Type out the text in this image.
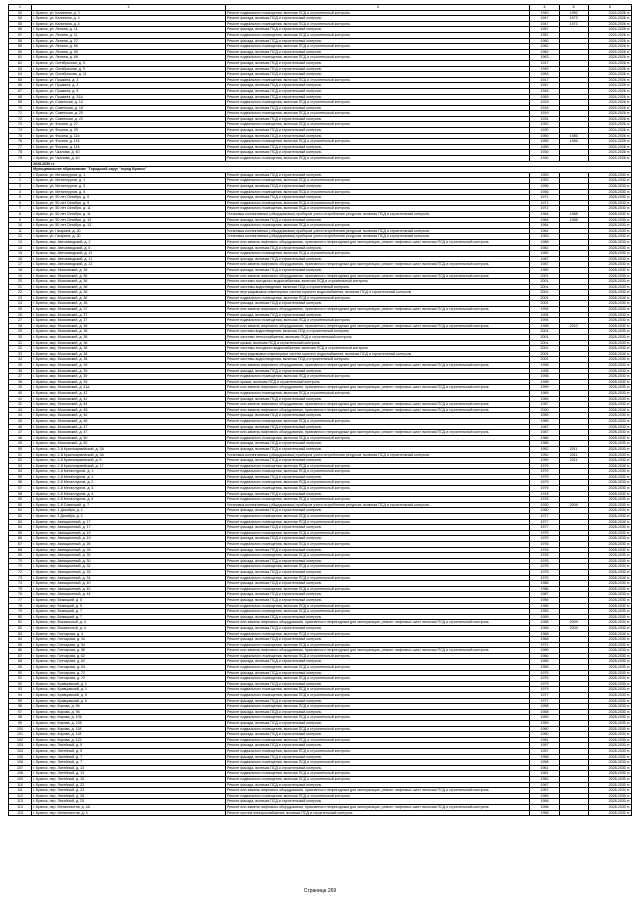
1	2	3	4	5	6
53	г. Брянск, ул. Калинина, д. 3	Ремонт подвального помещения, включая ПСД и строительный контроль	1940	1952	2024-2026 гг.
54	г. Брянск, ул. Калинина, д. 4	Ремонт фасада, включая ПСД и строительный контроль	1947	1973	2024-2026 гг.
55	г. Брянск, ул. Калинина, д. 4	Ремонт подвального помещения, включая ПСД и строительный контроль	1947	1973	2024-2026 гг.
56	г. Брянск, ул. Ленина, д. 11	Ремонт фасада, включая ПСД и строительный контроль	1957		2024-2026 гг.
57	г. Брянск, ул. Ленина, д. 11	Ремонт подвального помещения, включая ПСД и строительный контроль	1957		2024-2026 гг.
58	г. Брянск, ул. Ленина, д. 27	Ремонт фасада, включая ПСД и строительный контроль	1960		2024-2026 гг.
59	г. Брянск, ул. Ленина, д. 60	Ремонт подвального помещения, включая ПСД и строительный контроль	1962		2024-2026 гг.
60	г. Брянск, ул. Ленина, д. 60	Ремонт фасада, включая ПСД и строительный контроль	1962		2024-2026 гг.
61	г. Брянск, ул. Ленина, д. 66	Ремонт подвального помещения, включая ПСД и строительный контроль	1963		2024-2026 гг.
62	г. Брянск, ул. Октябрьская, д. 5	Ремонт фасада, включая ПСД и строительный контроль	1917		2024-2026 гг.
63	г. Брянск, ул. Октябрьская, д. 9	Ремонт фасада, включая ПСД и строительный контроль	1949		2024-2026 гг.
64	г. Брянск, ул. Октябрьская, д. 11	Ремонт фасада, включая ПСД и строительный контроль	1953		2024-2026 гг.
65	г. Брянск, ул. Пушкина, д. 1	Ремонт подвального помещения, включая ПСД и строительный контроль	1917		2024-2026 гг.
66	г. Брянск, ул. Пушкина, д. 3	Ремонт фасада, включая ПСД и строительный контроль	1947		2024-2026 гг.
67	г. Брянск, ул. Пушкина, д. 5	Ремонт фасада, включая ПСД и строительный контроль	1948		2024-2026 гг.
68	г. Брянск, ул. Пушкина, д. 31А	Ремонт фасада, включая ПСД и строительный контроль	1955		2024-2026 гг.
69	г. Брянск, ул. Советская, д. 14	Ремонт подвального помещения, включая ПСД и строительный контроль	1919		2024-2026 гг.
70	г. Брянск, ул. Советская, д. 18	Ремонт фасада, включая ПСД и строительный контроль	1918		2024-2026 гг.
71	г. Брянск, ул. Советская, д. 20	Ремонт подвального помещения, включая ПСД и строительный контроль	1919		2024-2026 гг.
72	г. Брянск, ул. Советская, д. 22	Ремонт фасада, включая ПСД и строительный контроль	1931		2024-2026 гг.
73	г. Брянск, ул. Фокина, д. 27	Ремонт подвального помещения, включая ПСД и строительный контроль	1952		2024-2026 гг.
74	г. Брянск, ул. Фокина, д. 29	Ремонт фасада, включая ПСД и строительный контроль	1930		2024-2026 гг.
75	г. Брянск, ул. Фокина, д. 116	Ремонт фасада, включая ПСД и строительный контроль	1955	1986	2024-2026 гг.
76	г. Брянск, ул. Фокина, д. 118	Ремонт подвального помещения, включая ПСД и строительный контроль	1955	1986	2024-2026 гг.
77	г. Брянск, ул. Фокина, д. 118	Ремонт фасада, включая ПСД и строительный контроль	1955		2024-2026 гг.
78	г. Брянск, ул. Чкалова, д. 40	Ремонт фасада, включая ПСД и строительный контроль	1930		2024-2026 гг.
79	г. Брянск, ул. Чкалова, д. 40	Ремонт подвального помещения, включая ПСД и строительный контроль	1930		2024-2026 гг.
	2028-2030 гг.				
	Муниципальное образование "Городской округ "город Брянск"				
1	г. Брянск, ул. Металлургов, д. 1	Ремонт фасада, включая ПСД и строительный контроль	1953		2028-2030 гг.
2	г. Брянск, ул. Металлургов, д. 1	Ремонт подвального помещения, включая ПСД и строительный контроль	1953		2028-2030 гг.
3	г. Брянск, ул. Металлургов, д. 3	Ремонт фасада, включая ПСД и строительный контроль	1956		2028-2030 гг.
4	г. Брянск, ул. Металлургов, д. 5	Ремонт подвального помещения, включая ПСД и строительный контроль	1956		2028-2030 гг.
5	г. Брянск, ул. 50 лет Октября, д. 5	Ремонт фасада, включая ПСД и строительный контроль	1971		2028-2030 гг.
6	г. Брянск, ул. 50 лет Октября, д. 9	Ремонт подвального помещения, включая ПСД и строительный контроль	1971		2028-2030 гг.
7	г. Брянск, ул. 50 лет Октября, д. 11	Ремонт подвального помещения, включая ПСД и строительный контроль	1972		2028-2030 гг.
8	г. Брянск, ул. 50 лет Октября, д. 11	Установка коллективных (общедомовых) приборов учета потребления ресурсов, включая ПСД и строительный контроль	1964	1988	2028-2030 гг.
9	г. Брянск, ул. 50 лет Октября, д. 13	Ремонт фасада, включая ПСД и строительный контроль	1964	1988	2028-2030 гг.
10	г. Брянск, ул. 50 лет Октября, д. 13	Ремонт подвального помещения, включая ПСД и строительный контроль	1964		2028-2030 гг.
11	г. Брянск, ул. Гагарина, д. 30	Установка коллективных (общедомовых) приборов учета потребления ресурсов, включая ПСД и строительный контроль	1962		2028-2030 гг.
12	г. Брянск, ул. Гагарина, д. 30	Установка коллективных (общедомовых) приборов учета потребления ресурсов, включая ПСД и строительный контроль	1963		2028-2030 гг.
13	г. Брянск, мкр. Автозаводский, д. 1	Ремонт или замена лифтового оборудования, признанного непригодным для эксплуатации, ремонт лифтовых шахт, включая ПСД и строительный контроль	1988		2028-2030 гг.
14	г. Брянск, мкр. Автозаводский, д. 6	Ремонт фасада, включая ПСД и строительный контроль	1982		2028-2030 гг.
15	г. Брянск, мкр. Автозаводский, д. 11	Ремонт подвального помещения, включая ПСД и строительный контроль	1982		2028-2030 гг.
16	г. Брянск, мкр. Автозаводский, д. 11	Ремонт фасада, включая ПСД и строительный контроль	1987		2028-2030 гг.
17	г. Брянск, мкр. Автозаводский, д. 12	Ремонт или замена лифтового оборудования, признанного непригодным для эксплуатации, ремонт лифтовых шахт, включая ПСД и строительный контроль	1987		2028-2030 гг.
18	г. Брянск, мкр. Московский, д. 35	Ремонт фасада, включая ПСД и строительный контроль	1989		2028-2030 гг.
19	г. Брянск, мкр. Московский, д. 36	Ремонт или замена лифтового оборудования, признанного непригодным для эксплуатации, ремонт лифтовых шахт, включая ПСД и строительный контроль	2001		2028-2030 гг.
20	г. Брянск, мкр. Московский, д. 36	Ремонт системы холодного водоснабжения, включая ПСД и строительный контроль	2001		2028-2030 гг.
21	г. Брянск, мкр. Московский, д. 36	Ремонт системы водоотведения, включая ПСД и строительный контроль	2001		2028-2030 гг.
22	г. Брянск, мкр. Московский, д. 36	Ремонт внутридомовых инженерных систем горячего водоснабжения, включая ПСД и строительный контроль	2001		2028-2030 гг.
23	г. Брянск, мкр. Московский, д. 36	Ремонт подвального помещения, включая ПСД и строительный контроль	2001		2028-2030 гг.
24	г. Брянск, мкр. Московский, д. 36	Ремонт фасада, включая ПСД и строительный контроль	2001		2028-2030 гг.
25	г. Брянск, мкр. Московский, д. 37	Ремонт или замена лифтового оборудования, признанного непригодным для эксплуатации, ремонт лифтовых шахт, включая ПСД и строительный контроль	1994		2028-2030 гг.
26	г. Брянск, мкр. Московский, д. 37	Ремонт фасада, включая ПСД и строительный контроль	1994		2028-2030 гг.
27	г. Брянск, мкр. Московский, д. 37	Ремонт подвального помещения, включая ПСД и строительный контроль	1994		2028-2030 гг.
28	г. Брянск, мкр. Московский, д. 38	Ремонт или замена лифтового оборудования, признанного непригодным для эксплуатации, ремонт лифтовых шахт, включая ПСД и строительный контроль	1998	2010	2028-2030 гг.
29	г. Брянск, мкр. Московский, д. 38	Ремонт системы водоотведения, включая ПСД и строительный контроль	2001		2028-2030 гг.
30	г. Брянск, мкр. Московский, д. 38	Ремонт системы теплоснабжения, включая ПСД и строительный контроль	2001		2028-2030 гг.
31	г. Брянск, мкр. Московский, д. 38	Ремонт крыши, включая ПСД и строительный контроль	2001		2028-2030 гг.
32	г. Брянск, мкр. Московский, д. 38	Ремонт системы холодного водоснабжения, включая ПСД и строительный контроль	2001		2028-2030 гг.
33	г. Брянск, мкр. Московский, д. 38	Ремонт внутридомовых инженерных систем горячего водоснабжения, включая ПСД и строительный контроль	2001		2028-2030 гг.
34	г. Брянск, мкр. Московский, д. 38	Ремонт системы водоотведения, включая ПСД и строительный контроль	2001		2028-2030 гг.
35	г. Брянск, мкр. Московский, д. 39	Ремонт или замена лифтового оборудования, признанного непригодным для эксплуатации, ремонт лифтовых шахт, включая ПСД и строительный контроль	1998		2028-2030 гг.
36	г. Брянск, мкр. Московский, д. 39	Ремонт фасада, включая ПСД и строительный контроль	1998		2028-2030 гг.
37	г. Брянск, мкр. Московский, д. 39	Ремонт подвального помещения, включая ПСД и строительный контроль	1998		2028-2030 гг.
38	г. Брянск, мкр. Московский, д. 39	Ремонт крыши, включая ПСД и строительный контроль	1998		2028-2030 гг.
39	г. Брянск, мкр. Московский, д. 41а	Ремонт или замена лифтового оборудования, признанного непригодным для эксплуатации, ремонт лифтовых шахт, включая ПСД и строительный контроль	1999		2028-2030 гг.
40	г. Брянск, мкр. Московский, д. 42	Ремонт подвального помещения, включая ПСД и строительный контроль	1989		2028-2030 гг.
41	г. Брянск, мкр. Московский, д. 42	Ремонт фасада, включая ПСД и строительный контроль	1989		2028-2030 гг.
42	г. Брянск, мкр. Московский, д. 44	Ремонт или замена лифтового оборудования, признанного непригодным для эксплуатации, ремонт лифтовых шахт, включая ПСД и строительный контроль	1987		2028-2030 гг.
43	г. Брянск, мкр. Московский, д. 45	Ремонт или замена лифтового оборудования, признанного непригодным для эксплуатации, ремонт лифтовых шахт, включая ПСД и строительный контроль	2000		2028-2030 гг.
44	г. Брянск, мкр. Московский, д. 46	Ремонт фасада, включая ПСД и строительный контроль	1985		2028-2030 гг.
45	г. Брянск, мкр. Московский, д. 46	Ремонт подвального помещения, включая ПСД и строительный контроль	1985		2028-2030 гг.
46	г. Брянск, мкр. Московский, д. 47	Ремонт фасада, включая ПСД и строительный контроль	1987		2028-2030 гг.
47	г. Брянск, мкр. Московский, д. 47	Ремонт или замена лифтового оборудования, признанного непригодным для эксплуатации, ремонт лифтовых шахт, включая ПСД и строительный контроль	1987		2028-2030 гг.
48	г. Брянск, мкр. Московский, д. 50	Ремонт подвального помещения, включая ПСД и строительный контроль	1986		2028-2030 гг.
49	г. Брянск, мкр. Московский, д. 50	Ремонт фасада, включая ПСД и строительный контроль	1986		2028-2030 гг.
50	г. Брянск, пер. 2-й Красноармейский, д. 3А	Ремонт фасада, включая ПСД и строительный контроль	1952	2011	2028-2030 гг.
51	г. Брянск, пер. 2-й Красноармейский, д. 3А	Установка коллективных (общедомовых) приборов учета потребления ресурсов, включая ПСД и строительный контроль	1952	2011	2028-2030 гг.
52	г. Брянск, пер. 2-й Красноармейский, д. 5	Ремонт фасада, включая ПСД и строительный контроль	1959	2011	2028-2030 гг.
53	г. Брянск, пер. 2-й Красноармейский, д. 17	Ремонт подвального помещения, включая ПСД и строительный контроль	1979		2028-2030 гг.
54	г. Брянск, пер. 2-й Металлургов, д. 1	Ремонт подвального помещения, включая ПСД и строительный контроль	1979		2028-2030 гг.
55	г. Брянск, пер. 2-й Металлургов, д. 1	Ремонт фасада, включая ПСД и строительный контроль	1979		2028-2030 гг.
56	г. Брянск, пер. 2-й Металлургов, д. 2	Ремонт подвального помещения, включая ПСД и строительный контроль	1979		2028-2030 гг.
57	г. Брянск, пер. 2-й Металлургов, д. 3	Ремонт подвального помещения, включая ПСД и строительный контроль	1979		2028-2030 гг.
58	г. Брянск, пер. 2-й Металлургов, д. 4	Ремонт фасада, включая ПСД и строительный контроль	1978		2028-2030 гг.
59	г. Брянск, пер. 2-й Металлургов, д. 4	Ремонт подвального помещения, включая ПСД и строительный контроль	1978		2028-2030 гг.
60	г. Брянск, пер. 2-й Советский, д. 7	Установка коллективных (общедомовых) приборов учета потребления ресурсов, включая ПСД и строительный контроль	1930	2008	2028-2030 гг.
61	г. Брянск, пер. 1 Декабря, д. 2	Ремонт фасада, включая ПСД и строительный контроль	1960		2028-2030 гг.
62	г. Брянск, пер. 1 Декабря, д. 2	Ремонт подвального помещения, включая ПСД и строительный контроль	1977		2028-2030 гг.
63	г. Брянск, пер. Авиационный, д. 17	Ремонт подвального помещения, включая ПСД и строительный контроль	1977		2028-2030 гг.
64	г. Брянск, пер. Авиационный, д. 17	Ремонт фасада, включая ПСД и строительный контроль	1977		2028-2030 гг.
65	г. Брянск, пер. Авиационный, д. 19	Ремонт подвального помещения, включая ПСД и строительный контроль	1975		2028-2030 гг.
66	г. Брянск, пер. Авиационный, д. 19	Ремонт фасада, включая ПСД и строительный контроль	1975		2028-2030 гг.
67	г. Брянск, пер. Авиационный, д. 26	Ремонт подвального помещения, включая ПСД и строительный контроль	1976		2028-2030 гг.
68	г. Брянск, пер. Авиационный, д. 26	Ремонт фасада, включая ПСД и строительный контроль	1976		2028-2030 гг.
69	г. Брянск, пер. Авиационный, д. 30	Ремонт подвального помещения, включая ПСД и строительный контроль	1976		2028-2030 гг.
70	г. Брянск, пер. Авиационный, д. 30	Ремонт фасада, включая ПСД и строительный контроль	1976		2028-2030 гг.
71	г. Брянск, пер. Авиационный, д. 32	Ремонт подвального помещения, включая ПСД и строительный контроль	1975		2028-2030 гг.
72	г. Брянск, пер. Авиационный, д. 33	Ремонт фасада, включая ПСД и строительный контроль	1975		2028-2030 гг.
73	г. Брянск, пер. Авиационный, д. 34	Ремонт подвального помещения, включая ПСД и строительный контроль	1975		2028-2030 гг.
74	г. Брянск, пер. Авиационный, д. 40	Ремонт фасада, включая ПСД и строительный контроль	1986		2028-2030 гг.
75	г. Брянск, пер. Авиационный, д. 40	Ремонт подвального помещения, включая ПСД и строительный контроль	1986		2028-2030 гг.
76	г. Брянск, пер. Авиационный, д. 44	Ремонт фасада, включая ПСД и строительный контроль	1987		2028-2030 гг.
77	г. Брянск, пер. Бежицкий, д. 5	Ремонт фасада, включая ПСД и строительный контроль	1956		2028-2030 гг.
78	г. Брянск, пер. Бежицкий, д. 5	Ремонт подвального помещения, включая ПСД и строительный контроль	1956		2028-2030 гг.
79	г. Брянск, пер. Бежицкий, д. 7	Ремонт подвального помещения, включая ПСД и строительный контроль	1959		2028-2030 гг.
80	г. Брянск, пер. Бежицкий, д. 7	Ремонт фасада, включая ПСД и строительный контроль	1959		2028-2030 гг.
81	г. Брянск, пер. Вокзальный, д. 4	Ремонт или замена лифтового оборудования, признанного непригодным для эксплуатации, ремонт лифтовых шахт, включая ПСД и строительный контроль	1958	2009	2028-2030 гг.
82	г. Брянск, пер. Вокзальный, д. 4	Ремонт фасада, включая ПСД и строительный контроль	1958	2009	2028-2030 гг.
83	г. Брянск, пер. Гончарова, д. 4	Ремонт подвального помещения, включая ПСД и строительный контроль	1968		2028-2030 гг.
84	г. Брянск, пер. Гончарова, д. 44	Ремонт фасада, включая ПСД и строительный контроль	1968		2028-2030 гг.
85	г. Брянск, пер. Гончарова, д. 54	Ремонт подвального помещения, включая ПСД и строительный контроль	1971		2028-2030 гг.
86	г. Брянск, пер. Гончарова, д. 56	Ремонт или замена лифтового оборудования, признанного непригодным для эксплуатации, ремонт лифтовых шахт, включая ПСД и строительный контроль	1986		2028-2030 гг.
87	г. Брянск, пер. Гончарова, д. 62	Ремонт подвального помещения, включая ПСД и строительный контроль	1966		2028-2030 гг.
88	г. Брянск, пер. Гончарова, д. 62	Ремонт фасада, включая ПСД и строительный контроль	1966		2028-2030 гг.
89	г. Брянск, пер. Гончарова, д. 64	Ремонт подвального помещения, включая ПСД и строительный контроль	1965		2028-2030 гг.
90	г. Брянск, пер. Гончарова, д. 72	Ремонт фасада, включая ПСД и строительный контроль	1975		2028-2030 гг.
91	г. Брянск, пер. Гончарова, д. 72	Ремонт подвального помещения, включая ПСД и строительный контроль	1975		2028-2030 гг.
92	г. Брянск, пер. Кравцовский, д. 1	Ремонт фасада, включая ПСД и строительный контроль	1979		2028-2030 гг.
93	г. Брянск, пер. Кравцовский, д. 1	Ремонт подвального помещения, включая ПСД и строительный контроль	1979		2028-2030 гг.
94	г. Брянск, пер. Кравцовский, д. 5	Ремонт подвального помещения, включая ПСД и строительный контроль	1977		2028-2030 гг.
95	г. Брянск, пер. Кравцовский, д. 5	Ремонт фасада, включая ПСД и строительный контроль	1977		2028-2030 гг.
96	г. Брянск, пер. Кирова, д. 96	Ремонт подвального помещения, включая ПСД и строительный контроль	1958		2028-2030 гг.
97	г. Брянск, пер. Кирова, д. 96	Ремонт фасада, включая ПСД и строительный контроль	1958		2028-2030 гг.
98	г. Брянск, пер. Кирова, д. 106	Ремонт подвального помещения, включая ПСД и строительный контроль	1959		2028-2030 гг.
99	г. Брянск, пер. Кирова, д. 106	Ремонт фасада, включая ПСД и строительный контроль	1959		2028-2030 гг.
100	г. Брянск, пер. Кирова, д. 118	Ремонт подвального помещения, включая ПСД и строительный контроль	1960		2028-2030 гг.
101	г. Брянск, пер. Кирова, д. 118	Ремонт фасада, включая ПСД и строительный контроль	1960		2028-2030 гг.
102	г. Брянск, пер. Кирова, д. 122	Ремонт подвального помещения, включая ПСД и строительный контроль	1961		2028-2030 гг.
103	г. Брянск, пер. Литейный, д. 5	Ремонт фасада, включая ПСД и строительный контроль	1957		2028-2030 гг.
104	г. Брянск, пер. Литейный, д. 5	Ремонт подвального помещения, включая ПСД и строительный контроль	1957		2028-2030 гг.
105	г. Брянск, пер. Литейный, д. 7	Ремонт фасада, включая ПСД и строительный контроль	1958		2028-2030 гг.
106	г. Брянск, пер. Литейный, д. 7	Ремонт подвального помещения, включая ПСД и строительный контроль	1958		2028-2030 гг.
107	г. Брянск, пер. Литейный, д. 13	Ремонт фасада, включая ПСД и строительный контроль	1961		2028-2030 гг.
108	г. Брянск, пер. Литейный, д. 13	Ремонт подвального помещения, включая ПСД и строительный контроль	1961		2028-2030 гг.
109	г. Брянск, пер. Литейный, д. 15	Ремонт подвального помещения, включая ПСД и строительный контроль	1962		2028-2030 гг.
110	г. Брянск, пер. Литейный, д. 23	Ремонт фасада, включая ПСД и строительный контроль	1967		2028-2030 гг.
111	г. Брянск, пер. Литейный, д. 23	Ремонт или замена лифтового оборудования, признанного непригодным для эксплуатации, ремонт лифтовых шахт, включая ПСД и строительный контроль	1967		2028-2030 гг.
112	г. Брянск, пер. Литейный, д. 25	Ремонт подвального помещения, включая ПСД и строительный контроль	1966		2028-2030 гг.
113	г. Брянск, пер. Литейный, д. 25	Ремонт фасада, включая ПСД и строительный контроль	1966		2028-2030 гг.
114	г. Брянск, пер. Металлистов, д. 4А	Ремонт или замена лифтового оборудования, признанного непригодным для эксплуатации, ремонт лифтовых шахт, включая ПСД и строительный контроль	1958		2028-2030 гг.
115	г. Брянск, пер. Металлистов, д. 4	Ремонт систем электроснабжения, включая ПСД и строительный контроль	1958		2028-2030 гг.
Страница 269
